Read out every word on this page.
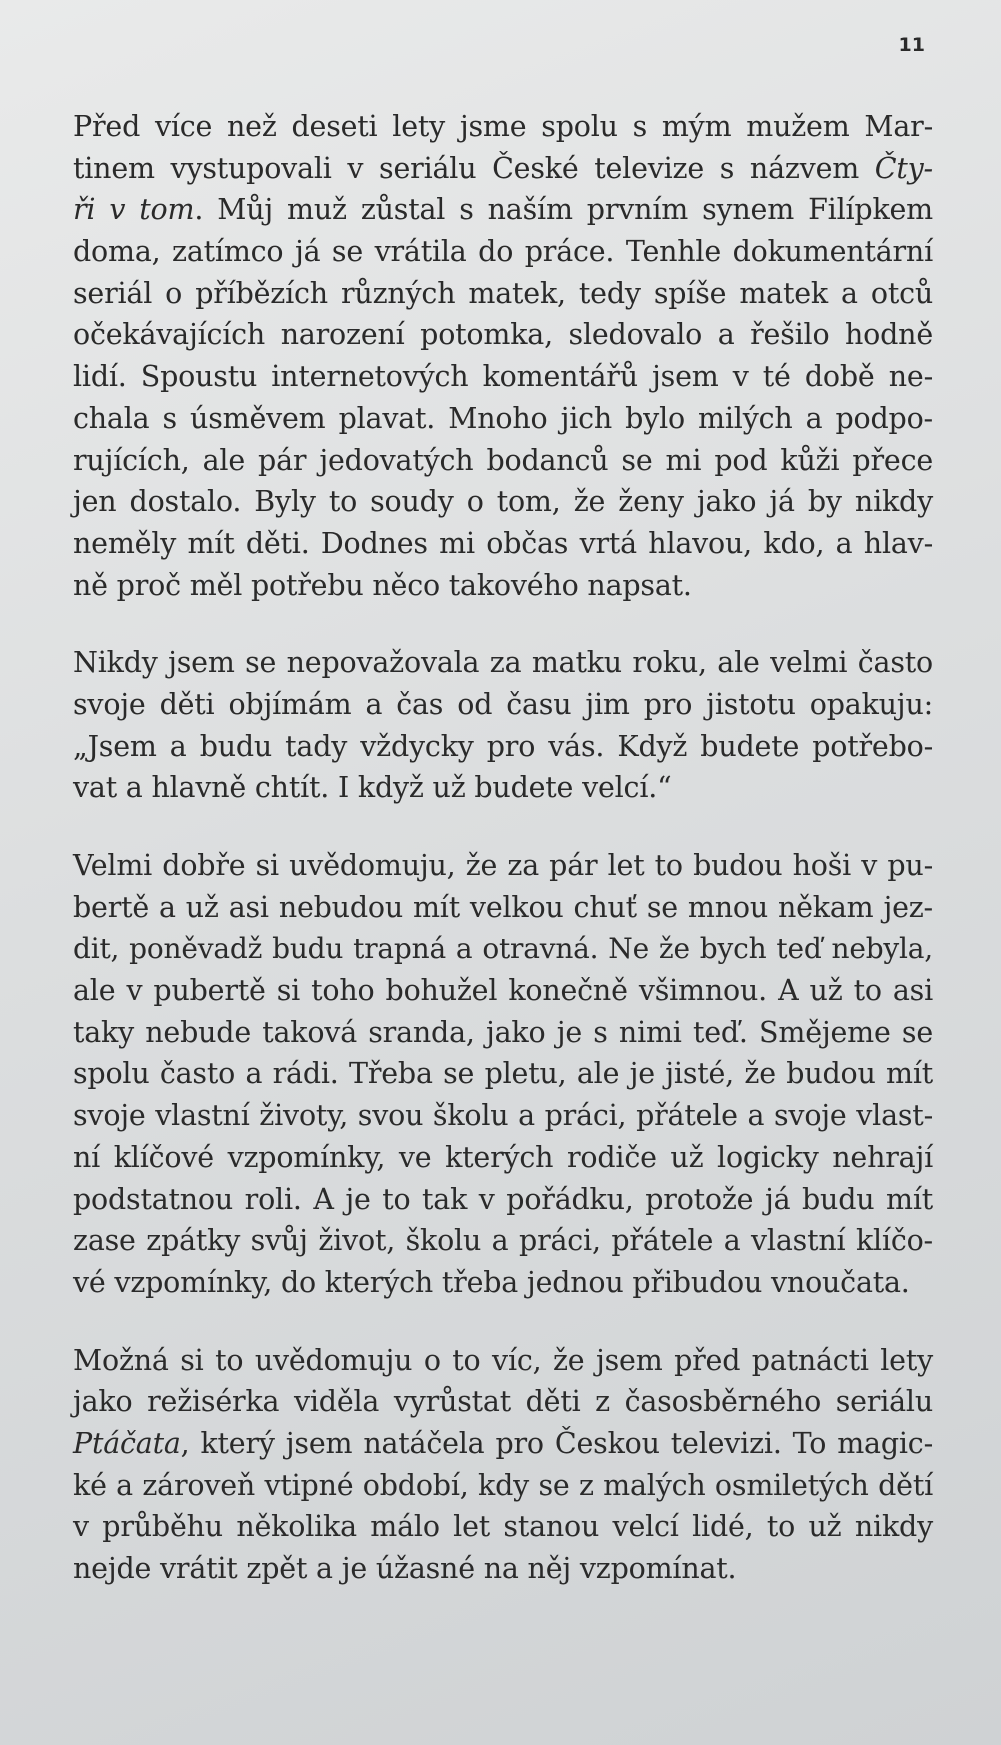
11
Před více než deseti lety jsme spolu s mým mužem Mar-
tinem vystupovali v seriálu České televize s názvem Čty-
ři v tom. Můj muž zůstal s naším prvním synem Filípkem
doma, zatímco já se vrátila do práce. Tenhle dokumentární
seriál o příbězích různých matek, tedy spíše matek a otců
očekávajících narození potomka, sledovalo a řešilo hodně
lidí. Spoustu internetových komentářů jsem v té době ne-
chala s úsměvem plavat. Mnoho jich bylo milých a podpo-
rujících, ale pár jedovatých bodanců se mi pod kůži přece
jen dostalo. Byly to soudy o tom, že ženy jako já by nikdy
neměly mít děti. Dodnes mi občas vrtá hlavou, kdo, a hlav-
ně proč měl potřebu něco takového napsat.
Nikdy jsem se nepovažovala za matku roku, ale velmi často
svoje děti objímám a čas od času jim pro jistotu opakuju:
„Jsem a budu tady vždycky pro vás. Když budete potřebo-
vat a hlavně chtít. I když už budete velcí.“
Velmi dobře si uvědomuju, že za pár let to budou hoši v pu-
bertě a už asi nebudou mít velkou chuť se mnou někam jez-
dit, poněvadž budu trapná a otravná. Ne že bych teď nebyla,
ale v pubertě si toho bohužel konečně všimnou. A už to asi
taky nebude taková sranda, jako je s nimi teď. Smějeme se
spolu často a rádi. Třeba se pletu, ale je jisté, že budou mít
svoje vlastní životy, svou školu a práci, přátele a svoje vlast-
ní klíčové vzpomínky, ve kterých rodiče už logicky nehrají
podstatnou roli. A je to tak v pořádku, protože já budu mít
zase zpátky svůj život, školu a práci, přátele a vlastní klíčo-
vé vzpomínky, do kterých třeba jednou přibudou vnoučata.
Možná si to uvědomuju o to víc, že jsem před patnácti lety
jako režisérka viděla vyrůstat děti z časosběrného seriálu
Ptáčata, který jsem natáčela pro Českou televizi. To magic-
ké a zároveň vtipné období, kdy se z malých osmiletých dětí
v průběhu několika málo let stanou velcí lidé, to už nikdy
nejde vrátit zpět a je úžasné na něj vzpomínat.
